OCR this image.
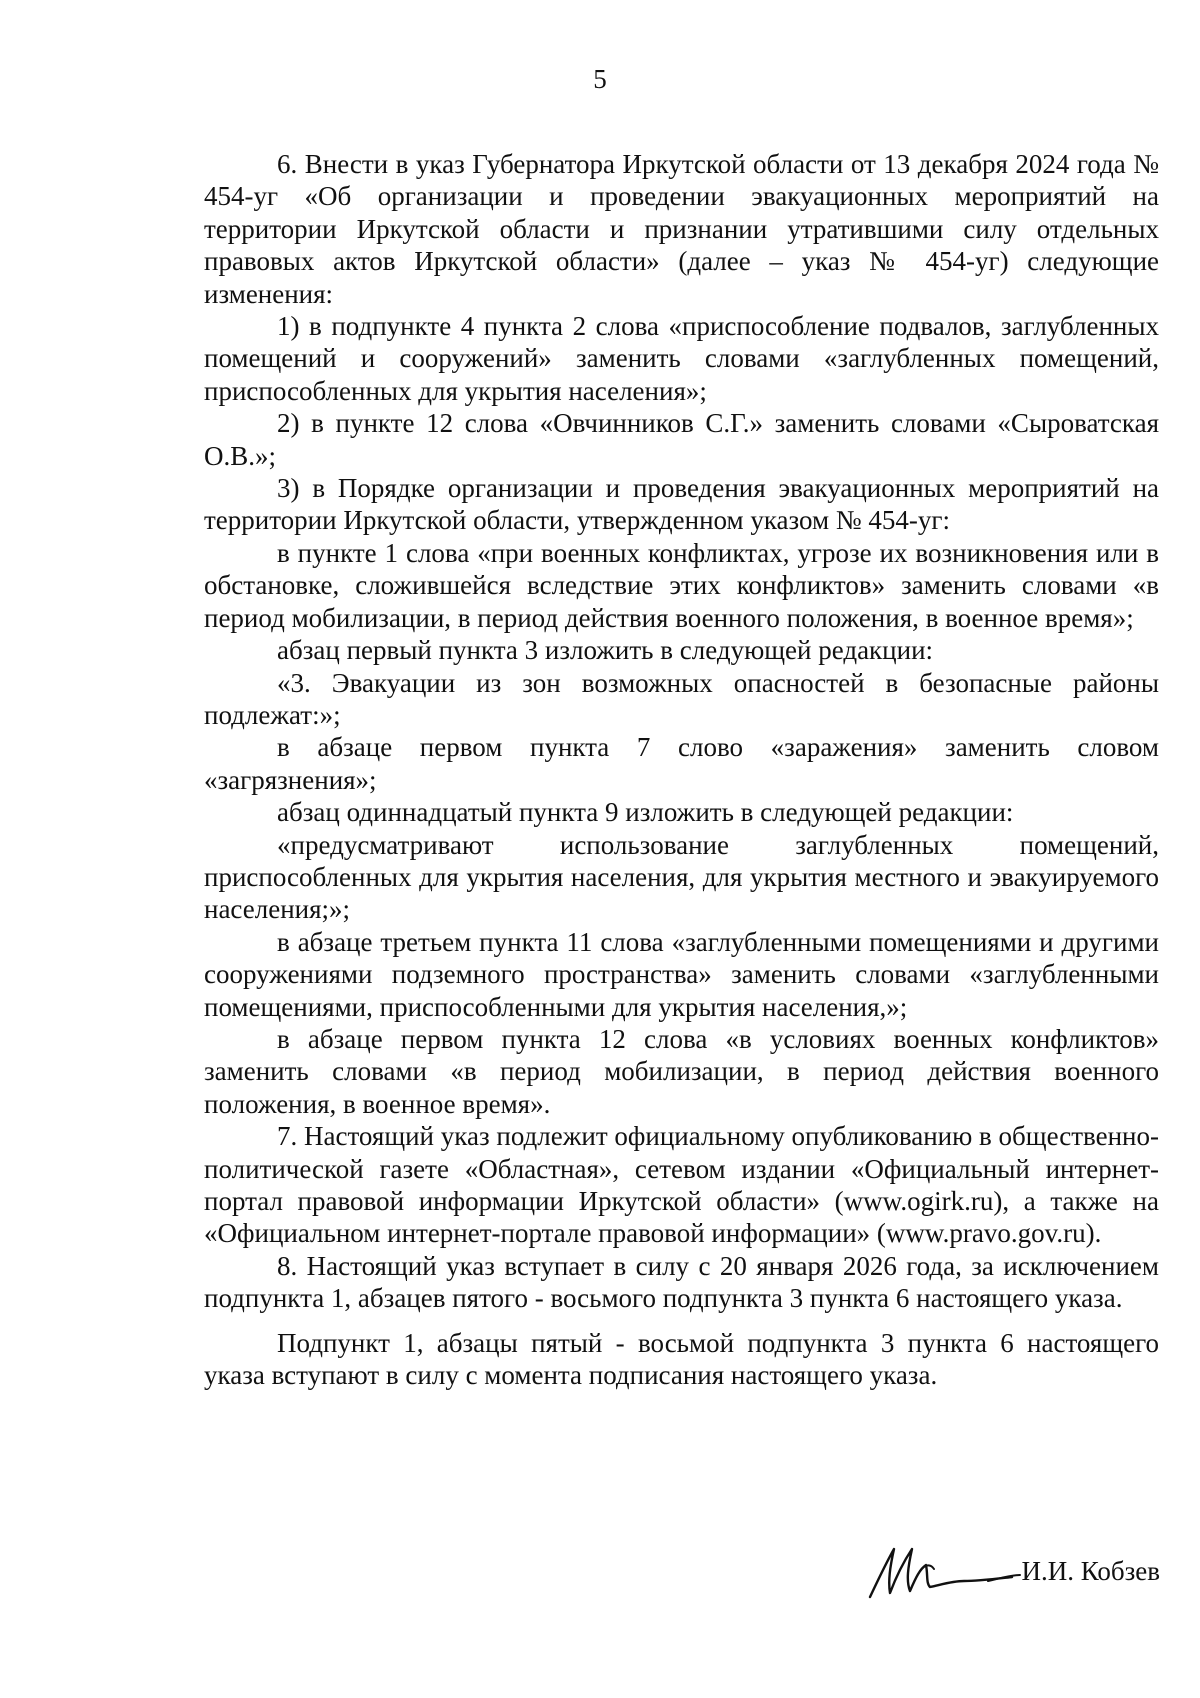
5

6. Внести в указ Губернатора Иркутской области от 13 декабря 2024 года № 454-уг «Об организации и проведении эвакуационных мероприятий на территории Иркутской области и признании утратившими силу отдельных правовых актов Иркутской области» (далее – указ № 454-уг) следующие изменения:

1) в подпункте 4 пункта 2 слова «приспособление подвалов, заглубленных помещений и сооружений» заменить словами «заглубленных помещений, приспособленных для укрытия населения»;

2) в пункте 12 слова «Овчинников С.Г.» заменить словами «Сыроватская О.В.»;

3) в Порядке организации и проведения эвакуационных мероприятий на территории Иркутской области, утвержденном указом № 454-уг:

в пункте 1 слова «при военных конфликтах, угрозе их возникновения или в обстановке, сложившейся вследствие этих конфликтов» заменить словами «в период мобилизации, в период действия военного положения, в военное время»;

абзац первый пункта 3 изложить в следующей редакции:

«3. Эвакуации из зон возможных опасностей в безопасные районы подлежат:»;

в абзаце первом пункта 7 слово «заражения» заменить словом «загрязнения»;

абзац одиннадцатый пункта 9 изложить в следующей редакции:

«предусматривают использование заглубленных помещений, приспособленных для укрытия населения, для укрытия местного и эвакуируемого населения;»;

в абзаце третьем пункта 11 слова «заглубленными помещениями и другими сооружениями подземного пространства» заменить словами «заглубленными помещениями, приспособленными для укрытия населения,»;

в абзаце первом пункта 12 слова «в условиях военных конфликтов» заменить словами «в период мобилизации, в период действия военного положения, в военное время».

7. Настоящий указ подлежит официальному опубликованию в общественно-политической газете «Областная», сетевом издании «Официальный интернет-портал правовой информации Иркутской области» (www.ogirk.ru), а также на «Официальном интернет-портале правовой информации» (www.pravo.gov.ru).

8. Настоящий указ вступает в силу с 20 января 2026 года, за исключением подпункта 1, абзацев пятого - восьмого подпункта 3 пункта 6 настоящего указа.

Подпункт 1, абзацы пятый - восьмой подпункта 3 пункта 6 настоящего указа вступают в силу с момента подписания настоящего указа.

И.И. Кобзев
